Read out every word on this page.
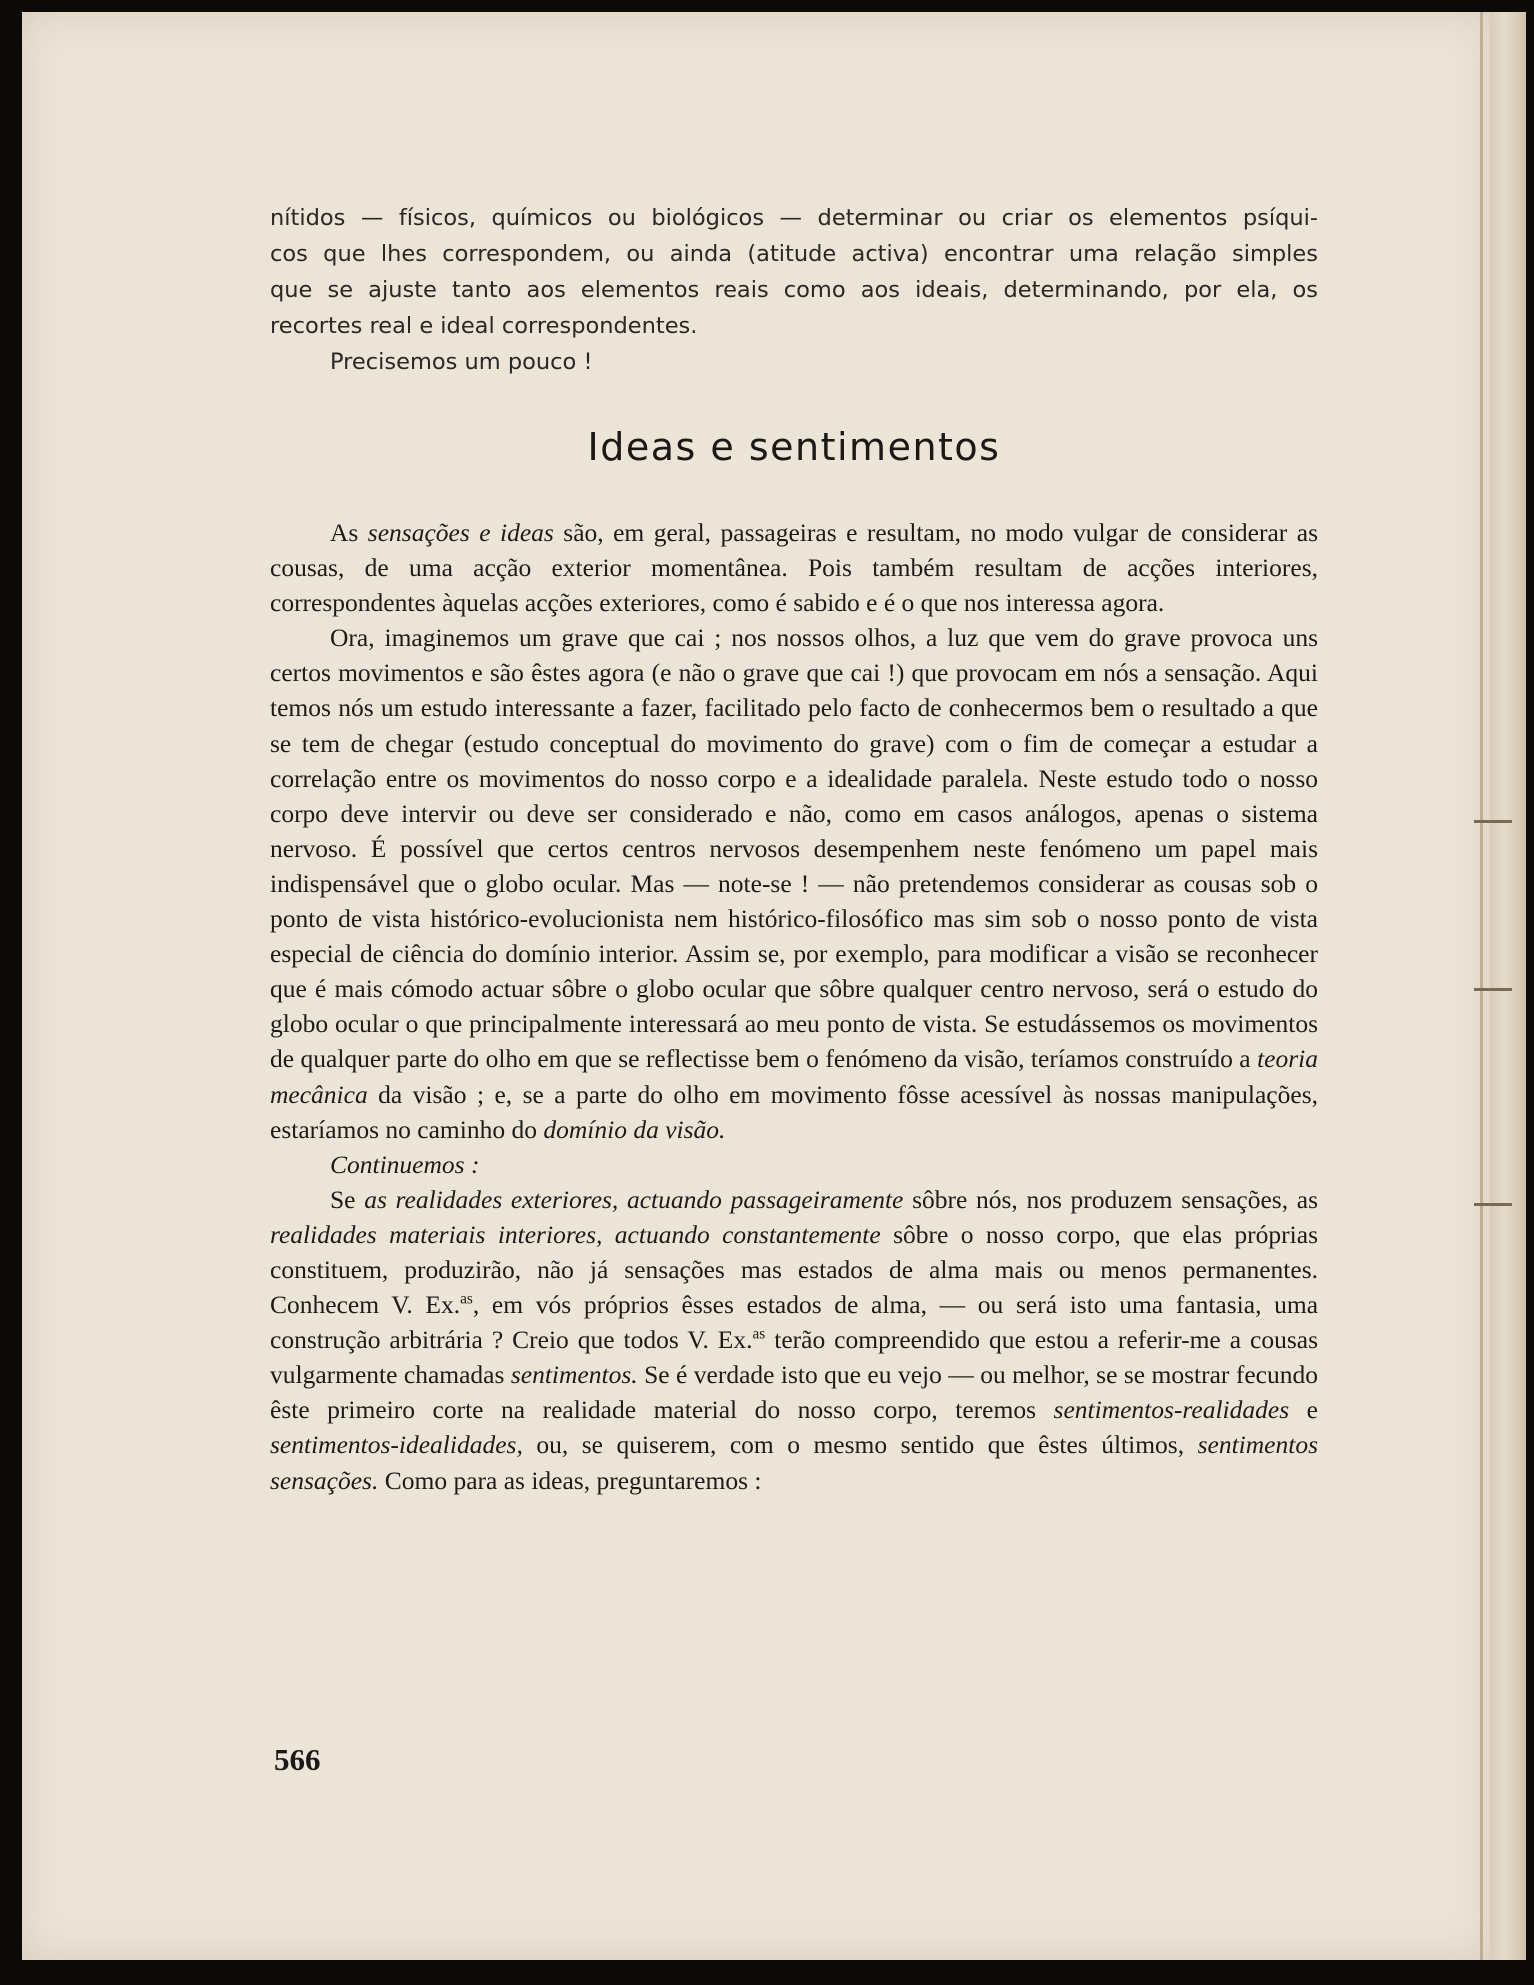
nítidos — físicos, químicos ou biológicos — determinar ou criar os elementos psíqui-
cos que lhes correspondem, ou ainda (atitude activa) encontrar uma relação simples
que se ajuste tanto aos elementos reais como aos ideais, determinando, por ela, os
recortes real e ideal correspondentes.

Precisemos um pouco !

Ideas e sentimentos

As sensações e ideas são, em geral, passageiras e resultam, no modo vulgar de considerar as cousas, de uma acção exterior momentânea. Pois também resultam de acções interiores, correspondentes àquelas acções exteriores, como é sabido e é o que nos interessa agora.

Ora, imaginemos um grave que cai ; nos nossos olhos, a luz que vem do grave provoca uns certos movimentos e são êstes agora (e não o grave que cai !) que provocam em nós a sensação. Aqui temos nós um estudo interessante a fazer, facilitado pelo facto de conhecermos bem o resultado a que se tem de chegar (estudo conceptual do movimento do grave) com o fim de começar a estudar a correlação entre os movimentos do nosso corpo e a idealidade paralela. Neste estudo todo o nosso corpo deve intervir ou deve ser considerado e não, como em casos análogos, apenas o sistema nervoso. É possível que certos centros nervosos desempenhem neste fenómeno um papel mais indispensável que o globo ocular. Mas — note-se ! — não pretendemos considerar as cousas sob o ponto de vista histórico-evolucionista nem histórico-filosófico mas sim sob o nosso ponto de vista especial de ciência do domínio interior. Assim se, por exemplo, para modificar a visão se reconhecer que é mais cómodo actuar sôbre o globo ocular que sôbre qualquer centro nervoso, será o estudo do globo ocular o que principalmente interessará ao meu ponto de vista. Se estudássemos os movimentos de qualquer parte do olho em que se reflectisse bem o fenómeno da visão, teríamos construído a teoria mecânica da visão ; e, se a parte do olho em movimento fôsse acessível às nossas manipulações, estaríamos no caminho do domínio da visão.

Continuemos :

Se as realidades exteriores, actuando passageiramente sôbre nós, nos produzem sensações, as realidades materiais interiores, actuando constantemente sôbre o nosso corpo, que elas próprias constituem, produzirão, não já sensações mas estados de alma mais ou menos permanentes. Conhecem V. Ex.$^{as}$, em vós próprios êsses estados de alma, — ou será isto uma fantasia, uma construção arbitrária ? Creio que todos V. Ex.$^{as}$ terão compreendido que estou a referir-me a cousas vulgarmente chamadas sentimentos. Se é verdade isto que eu vejo — ou melhor, se se mostrar fecundo êste primeiro corte na realidade material do nosso corpo, teremos sentimentos-realidades e sentimentos-idealidades, ou, se quiserem, com o mesmo sentido que êstes últimos, sentimentos sensações. Como para as ideas, preguntaremos :

566
